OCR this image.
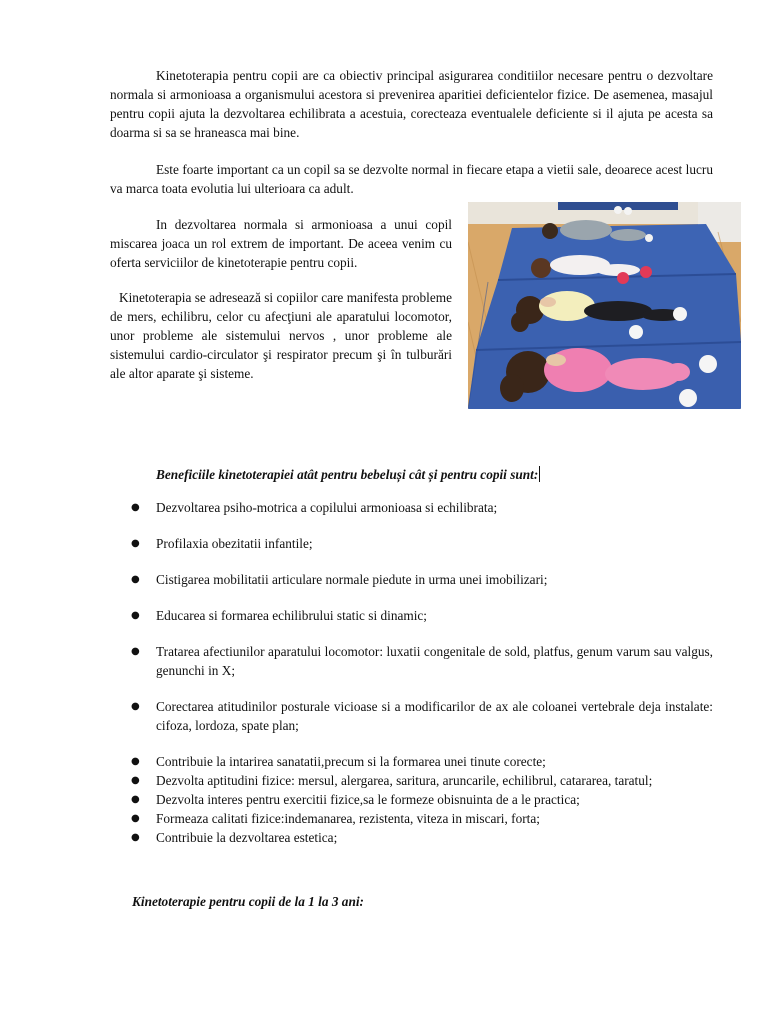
Kinetoterapia pentru copii are ca obiectiv principal asigurarea conditiilor necesare pentru o dezvoltare normala si armonioasa a organismului acestora si prevenirea aparitiei deficientelor fizice. De asemenea, masajul pentru copii ajuta la dezvoltarea echilibrata a acestuia, corecteaza eventualele deficiente si il ajuta pe acesta sa doarma si sa se hraneasca mai bine.

Este foarte important ca un copil sa se dezvolte normal in fiecare etapa a vietii sale, deoarece acest lucru va marca toata evolutia lui ulterioara ca adult.

In dezvoltarea normala si armonioasa a unui copil miscarea joaca un rol extrem de important. De aceea venim cu oferta serviciilor de kinetoterapie pentru copii.

Kinetoterapia se adresează si copiilor care manifesta probleme de mers, echilibru, celor cu afecţiuni ale aparatului locomotor, unor probleme ale sistemului nervos , unor probleme ale sistemului cardio-circulator şi respirator precum şi în tulburări ale altor aparate şi sisteme.

Beneficiile kinetoterapiei atât pentru bebeluși cât și pentru copii sunt:
● Dezvoltarea psiho-motrica a copilului armonioasa si echilibrata;
● Profilaxia obezitatii infantile;
● Cistigarea mobilitatii articulare normale piedute in urma unei imobilizari;
● Educarea si formarea echilibrului static si dinamic;
● Tratarea afectiunilor aparatului locomotor: luxatii congenitale de sold, platfus, genum varum sau valgus, genunchi in X;
● Corectarea atitudinilor posturale vicioase si a modificarilor de ax ale coloanei vertebrale deja instalate: cifoza, lordoza, spate plan;
● Contribuie la intarirea sanatatii,precum si la formarea unei tinute corecte;
● Dezvolta aptitudini fizice: mersul, alergarea, saritura, aruncarile, echilibrul, catararea, taratul;
● Dezvolta interes pentru exercitii fizice,sa le formeze obisnuinta de a le practica;
● Formeaza calitati fizice:indemanarea, rezistenta, viteza in miscari, forta;
● Contribuie la dezvoltarea estetica;
Kinetoterapie pentru copii de la 1 la 3 ani:
